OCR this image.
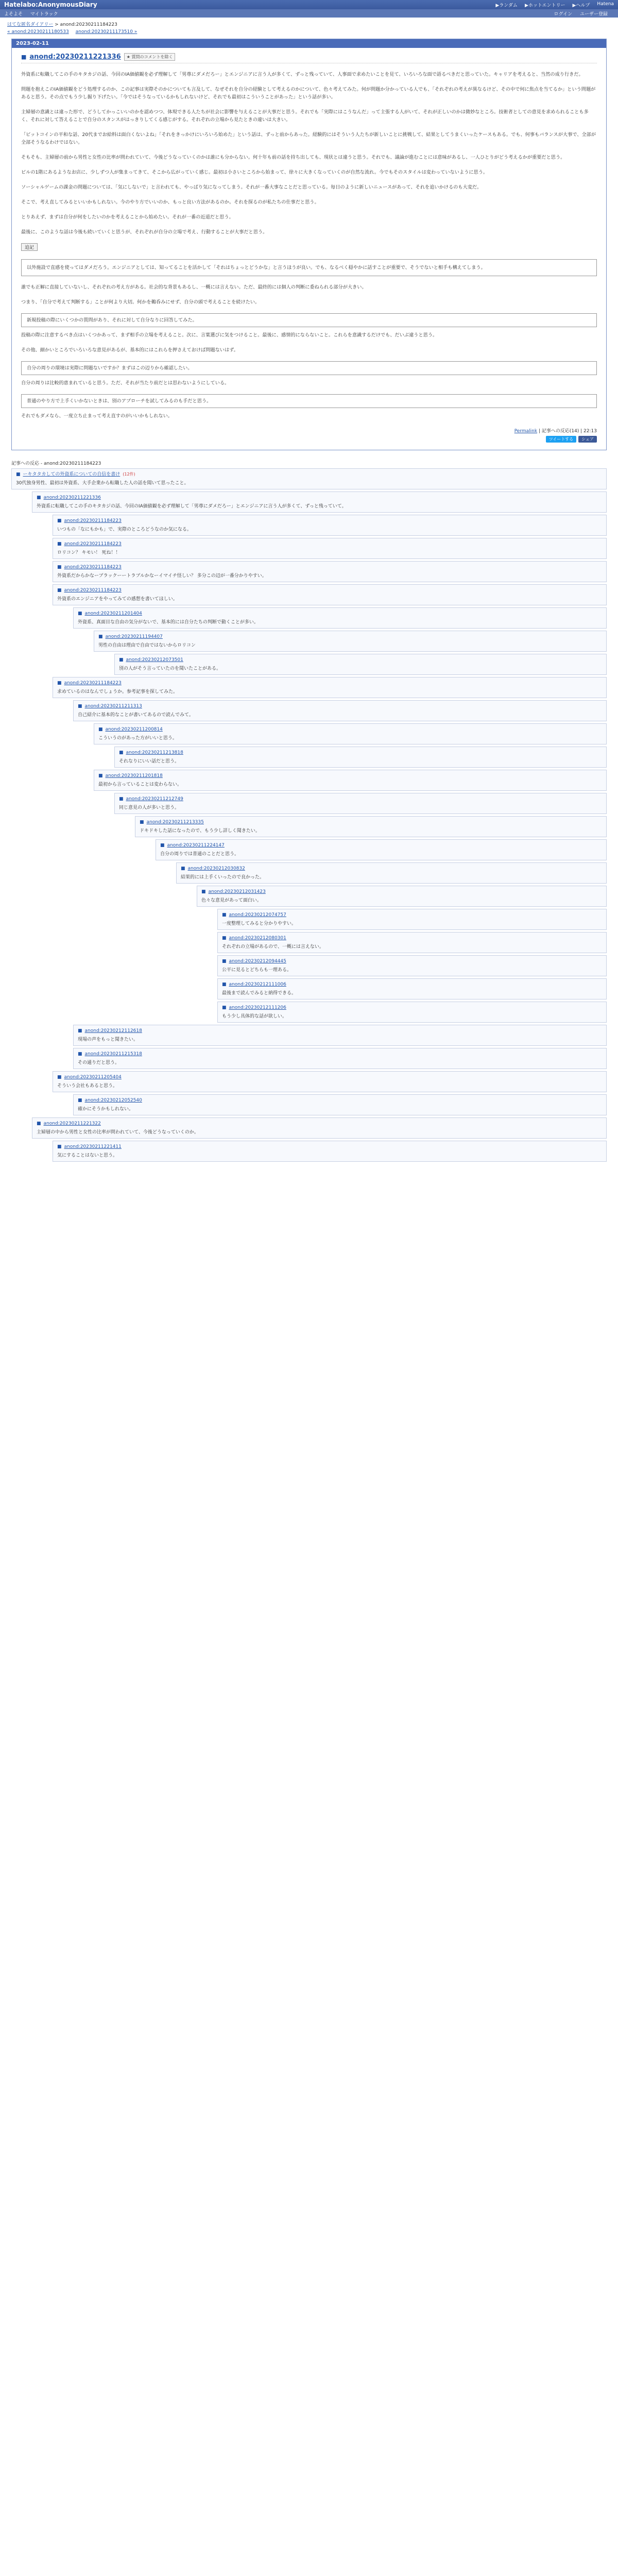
Hatelabo:AnonymousDiary	▶ランダム ▶ホットエントリー ▶ヘルプ Hatena
よそよそ マイトラック	ログイン ユーザー登録
はてな匿名ダイアリー > anond:20230211184223
« anond:20230211180533 anond:20230211173510 »
2023-02-11
■ anond:20230211221336	★ 質問のコメントを除く

外資系に転職してこの手のキタカジの話、今回のIA価値観を必ず理解して「男尊にダメだろー」とエンジニアに言う人が多くて、ずっと残っていて、人事面で求めたいことを見て、いろいろな面で語るべきだと思っていた。キャリアを考えると、当然の成り行きだ。

問題を抱えこのIA価値観をどう処理するのか、この記事は実際そのかについても言及して、なぜそれを自分の経験として考えるのかについて、色々考えてみた。何が問題か分かっている人でも、「それぞれの考えが異なるけど、その中で何に焦点を当てるか」という問題があると思う。その点でもう少し掘り下げたい。「今ではそうなっているかもしれないけど、それでも最初はこういうことがあった」という話が多い。

主婦層の意識とは違った形で、どうしてかっこいいのかを認めつつ、体現できる人たちが社会に影響を与えることが大事だと思う。それでも「実際にはこうなんだ」って主張する人がいて、それが正しいのかは微妙なところ。技術者としての意見を求められることも多く、それに対して答えることで自分のスタンスがはっきりしてくる感じがする。それぞれの立場から見たときの違いは大きい。

「ビットコインの平和な話、20代までお給料は面白くないよね」「それをきっかけにいろいろ始めた」という話は、ずっと前からあった。経験的にはそういう人たちが新しいことに挑戦して、結果としてうまくいったケースもある。でも、何事もバランスが大事で、全部が全部そうなるわけではない。

そもそも、主婦層の前から男性と女性の比率が問われていて、今後どうなっていくのかは誰にも分からない。何十年も前の話を持ち出しても、現状とは違うと思う。それでも、議論が進むことには意味があるし、一人ひとりがどう考えるかが重要だと思う。

ビルの1階にあるようなお店に、少しずつ人が集まってきて、そこから広がっていく感じ。最初は小さいところから始まって、徐々に大きくなっていくのが自然な流れ。今でもそのスタイルは変わっていないように思う。

ソーシャルゲームの課金の問題については、「気にしないで」と言われても、やっぱり気になってしまう。それが一番大事なことだと思っている。毎日のように新しいニュースがあって、それを追いかけるのも大変だ。

そこで、考え直してみるといいかもしれない。今のやり方でいいのか、もっと良い方法があるのか。それを探るのが私たちの仕事だと思う。

とりあえず、まずは自分が何をしたいのかを考えることから始めたい。それが一番の近道だと思う。

最後に、このような話は今後も続いていくと思うが、それぞれが自分の立場で考え、行動することが大事だと思う。

追記
以外施設で直感を使ってはダメだろう。エンジニアとしては、知ってることを活かして「それはちょっとどうかな」と言うほうが良い。でも、なるべく穏やかに話すことが重要で、そうでないと相手も構えてしまう。

誰でも正解に直接していないし、それぞれの考え方がある。社会的な背景もあるし、一概には言えない。ただ、最終的には個人の判断に委ねられる部分が大きい。

つまり、「自分で考えて判断する」ことが何より大切。何かを鵜呑みにせず、自分の頭で考えることを続けたい。

新規投稿の際にいくつかの質問があり、それに対して自分なりに回答してみた。

投稿の際に注意するべき点はいくつかあって、まず相手の立場を考えること。次に、言葉選びに気をつけること。最後に、感情的にならないこと。これらを意識するだけでも、だいぶ違うと思う。

その他、細かいところでいろいろな意見があるが、基本的にはこれらを押さえておけば問題ないはず。

自分の周りの環境は実際に問題ないですか？まずはこの辺りから確認したい。

自分の周りは比較的恵まれていると思う。ただ、それが当たり前だとは思わないようにしている。

普通のやり方で上手くいかないときは、別のアプローチを試してみるのも手だと思う。

それでもダメなら、一度立ち止まって考え直すのがいいかもしれない。

Permalink | 記事への反応(14) | 22:13
ツイートする	シェア
記事への反応 - anond:20230211184223
■ ーキタタカしての外資系についての自信を書け (12件)
30代独身男性、最初は外資系、大手企業から転職した人の話を聞いて思ったこと。
■ anond:20230211221336
外資系に転職してこの手のキタカジの話、今回のIA価値観を必ず理解して「男尊にダメだろー」とエンジニアに言う人が多くて、ずっと残っていて。
■ anond:20230211184223
いつもの「なにもかも」で、実際のところどうなのか気になる。
■ anond:20230211184223
ロリコン？ キモい！ 死ね！！
■ anond:20230211184223
外資系だからかなーブラックーートラブルかなーイマイチ怪しい？ 多分この辺が一番分かりやすい。
■ anond:20230211184223
外資系のエンジニアをやってみての感想を書いてほしい。
■ anond:20230211201404
外資系、真面目な自由の気分がないで、基本的には自分たちの判断で動くことが多い。
■ anond:20230211194407
男性の自由は理由で自由ではないからロリコン
■ anond:20230212073501
別の人がそう言っていたのを聞いたことがある。
■ anond:20230211184223
求めているのはなんでしょうか。参考記事を探してみた。
■ anond:20230211211313
自己紹介に基本的なことが書いてあるので読んでみて。
■ anond:20230211200814
こういうのがあった方がいいと思う。
■ anond:20230211213818
それなりにいい話だと思う。
■ anond:20230211201818
最初から言っていることは変わらない。
■ anond:20230211212749
同じ意見の人が多いと思う。
■ anond:20230211213335
ドキドキした話になったので、もう少し詳しく聞きたい。
■ anond:20230211224147
自分の周りでは普通のことだと思う。
■ anond:20230212030832
結果的には上手くいったので良かった。
■ anond:20230212031423
色々な意見があって面白い。
■ anond:20230212074757
一度整理してみると分かりやすい。
■ anond:20230212080301
それぞれの立場があるので、一概には言えない。
■ anond:20230212094445
公平に見るとどちらも一理ある。
■ anond:20230212111006
最後まで読んでみると納得できる。
■ anond:20230212111206
もう少し具体的な話が欲しい。
■ anond:20230212112618
現場の声をもっと聞きたい。
■ anond:20230211215318
その通りだと思う。
■ anond:20230211205404
そういう会社もあると思う。
■ anond:20230212052540
確かにそうかもしれない。
■ anond:20230211221322
主婦層の中から男性と女性の比率が問われていて、今後どうなっていくのか。
■ anond:20230211221411
気にすることはないと思う。
